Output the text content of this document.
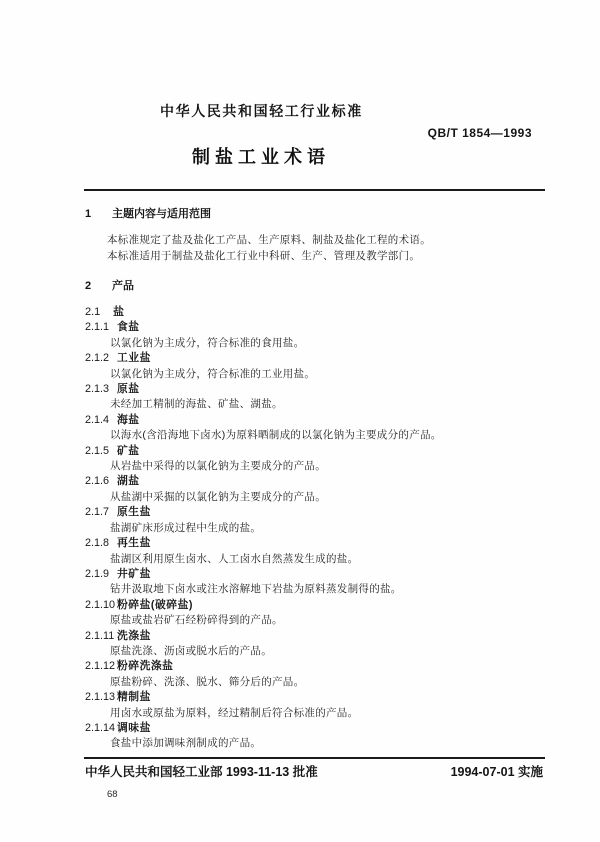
中华人民共和国轻工行业标准
QB/T 1854—1993
制盐工业术语
1	主题内容与适用范围

本标准规定了盐及盐化工产品、生产原料、制盐及盐化工程的术语。

本标准适用于制盐及盐化工行业中科研、生产、管理及教学部门。

2	产品
2.1	盐
2.1.1 食盐
以氯化钠为主成分，符合标准的食用盐。
2.1.2 工业盐
以氯化钠为主成分，符合标准的工业用盐。
2.1.3 原盐
未经加工精制的海盐、矿盐、湖盐。
2.1.4 海盐
以海水(含沿海地下卤水)为原料晒制成的以氯化钠为主要成分的产品。
2.1.5 矿盐
从岩盐中采得的以氯化钠为主要成分的产品。
2.1.6 湖盐
从盐湖中采掘的以氯化钠为主要成分的产品。
2.1.7 原生盐
盐湖矿床形成过程中生成的盐。
2.1.8 再生盐
盐湖区利用原生卤水、人工卤水自然蒸发生成的盐。
2.1.9 井矿盐
钻井汲取地下卤水或注水溶解地下岩盐为原料蒸发制得的盐。
2.1.10 粉碎盐(破碎盐)
原盐或盐岩矿石经粉碎得到的产品。
2.1.11 洗涤盐
原盐洗涤、沥卤或脱水后的产品。
2.1.12 粉碎洗涤盐
原盐粉碎、洗涤、脱水、筛分后的产品。
2.1.13 精制盐
用卤水或原盐为原料，经过精制后符合标准的产品。
2.1.14 调味盐
食盐中添加调味剂制成的产品。
中华人民共和国轻工业部 1993-11-13 批准	1994-07-01 实施
68
